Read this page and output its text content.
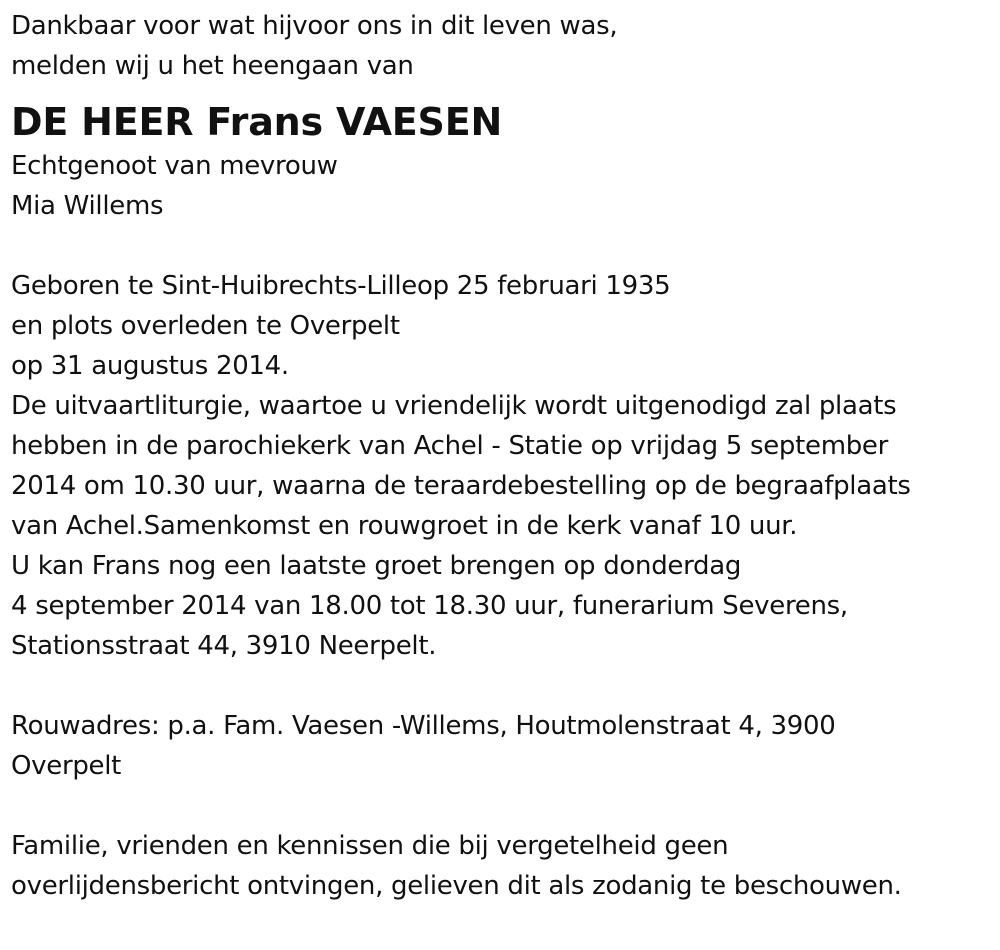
Dankbaar voor wat hijvoor ons in dit leven was,
melden wij u het heengaan van
DE HEER Frans VAESEN
Echtgenoot van mevrouw
Mia Willems
Geboren te Sint-Huibrechts-Lilleop 25 februari 1935
en plots overleden te Overpelt
op 31 augustus 2014.
De uitvaartliturgie, waartoe u vriendelijk wordt uitgenodigd zal plaats
hebben in de parochiekerk van Achel - Statie op vrijdag 5 september
2014 om 10.30 uur, waarna de teraardebestelling op de begraafplaats
van Achel.Samenkomst en rouwgroet in de kerk vanaf 10 uur.
U kan Frans nog een laatste groet brengen op donderdag
4 september 2014 van 18.00 tot 18.30 uur, funerarium Severens,
Stationsstraat 44, 3910 Neerpelt.
Rouwadres: p.a. Fam. Vaesen -Willems, Houtmolenstraat 4, 3900
Overpelt
Familie, vrienden en kennissen die bij vergetelheid geen
overlijdensbericht ontvingen, gelieven dit als zodanig te beschouwen.
